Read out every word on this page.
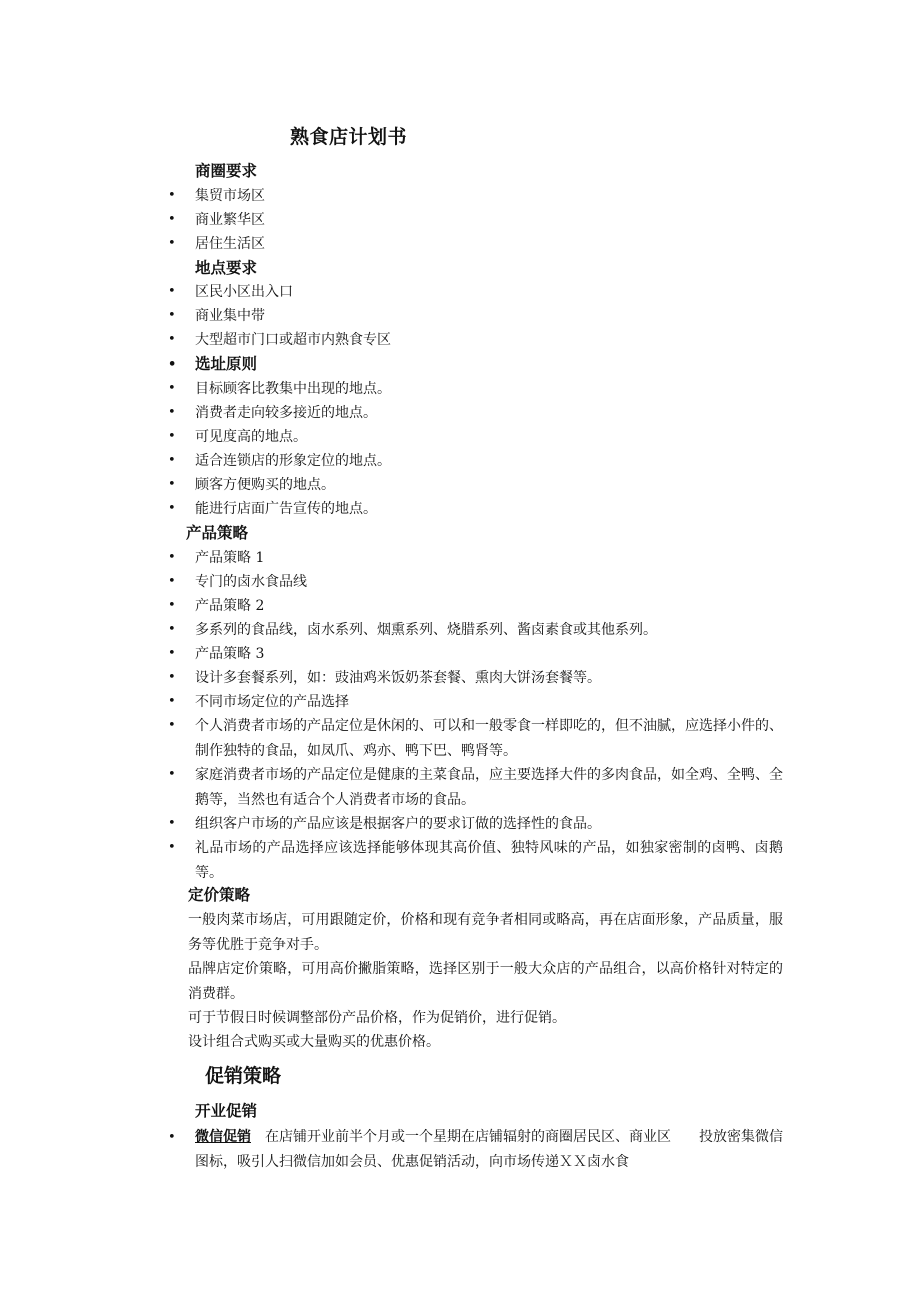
熟食店计划书
商圈要求
• 集贸市场区
• 商业繁华区
• 居住生活区
地点要求
• 区民小区出入口
• 商业集中带
• 大型超市门口或超市内熟食专区
• 选址原则
• 目标顾客比教集中出现的地点。
• 消费者走向较多接近的地点。
• 可见度高的地点。
• 适合连锁店的形象定位的地点。
• 顾客方便购买的地点。
• 能进行店面广告宣传的地点。
产品策略
• 产品策略 1
• 专门的卤水食品线
• 产品策略 2
• 多系列的食品线，卤水系列、烟熏系列、烧腊系列、酱卤素食或其他系列。
• 产品策略 3
• 设计多套餐系列，如：豉油鸡米饭奶茶套餐、熏肉大饼汤套餐等。
• 不同市场定位的产品选择
• 个人消费者市场的产品定位是休闲的、可以和一般零食一样即吃的，但不油腻，应选择小件的、制作独特的食品，如凤爪、鸡亦、鸭下巴、鸭肾等。
• 家庭消费者市场的产品定位是健康的主菜食品，应主要选择大件的多肉食品，如全鸡、全鸭、全鹅等，当然也有适合个人消费者市场的食品。
• 组织客户市场的产品应该是根据客户的要求订做的选择性的食品。
• 礼品市场的产品选择应该选择能够体现其高价值、独特风味的产品，如独家密制的卤鸭、卤鹅等。
定价策略
一般肉菜市场店，可用跟随定价，价格和现有竞争者相同或略高，再在店面形象，产品质量，服务等优胜于竞争对手。
品牌店定价策略，可用高价撇脂策略，选择区别于一般大众店的产品组合，以高价格针对特定的消费群。
可于节假日时候调整部份产品价格，作为促销价，进行促销。
设计组合式购买或大量购买的优惠价格。
促销策略
开业促销
• 微信促销 在店铺开业前半个月或一个星期在店铺辐射的商圈居民区、商业区　　投放密集微信图标，吸引人扫微信加如会员、优惠促销活动，向市场传递ＸＸ卤水食
